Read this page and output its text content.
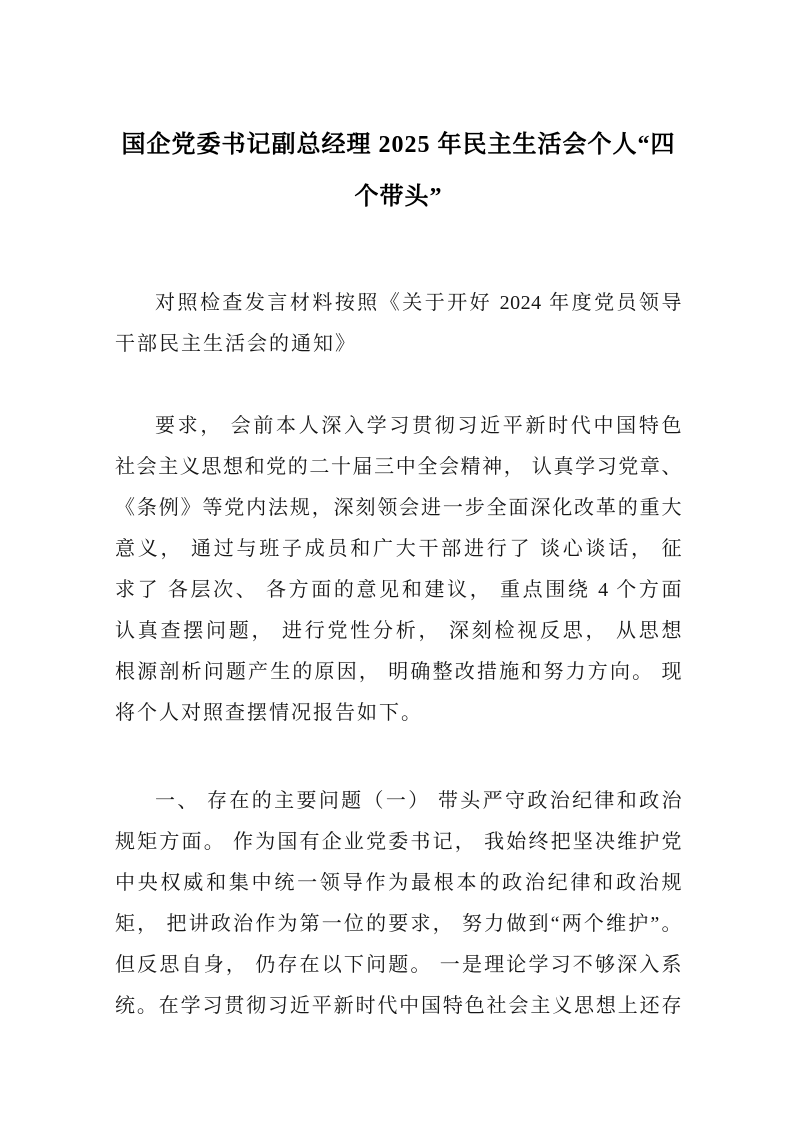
国企党委书记副总经理 2025 年民主生活会个人“四
个带头”
对照检查发言材料按照《关于开好 2024 年度党员领导
干部民主生活会的通知》
要求， 会前本人深入学习贯彻习近平新时代中国特色
社会主义思想和党的二十届三中全会精神， 认真学习党章、
《条例》等党内法规，深刻领会进一步全面深化改革的重大
意义， 通过与班子成员和广大干部进行了 谈心谈话， 征
求了 各层次、 各方面的意见和建议， 重点围绕 4 个方面
认真查摆问题， 进行党性分析， 深刻检视反思， 从思想
根源剖析问题产生的原因， 明确整改措施和努力方向。 现
将个人对照查摆情况报告如下。
一、 存在的主要问题（一） 带头严守政治纪律和政治
规矩方面。 作为国有企业党委书记， 我始终把坚决维护党
中央权威和集中统一领导作为最根本的政治纪律和政治规
矩， 把讲政治作为第一位的要求， 努力做到“两个维护”。
但反思自身， 仍存在以下问题。 一是理论学习不够深入系
统。在学习贯彻习近平新时代中国特色社会主义思想上还存
